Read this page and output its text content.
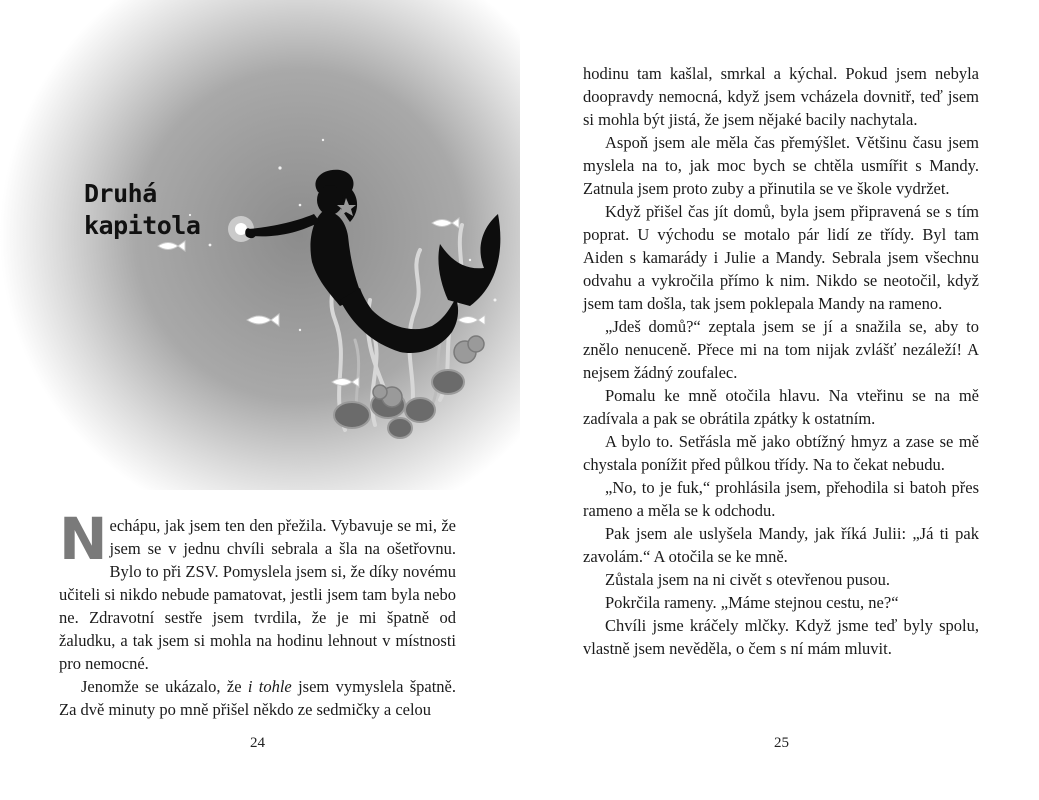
Druhá
kapitola

Nechápu, jak jsem ten den přežila. Vybavuje se mi, že jsem se v jednu chvíli sebrala a šla na ošetřovnu. Bylo to při ZSV. Pomyslela jsem si, že díky novému učiteli si nikdo nebude pamatovat, jestli jsem tam byla nebo ne. Zdravotní sestře jsem tvrdila, že je mi špatně od žaludku, a tak jsem si mohla na hodinu lehnout v místnosti pro nemocné.

Jenomže se ukázalo, že i tohle jsem vymyslela špatně. Za dvě minuty po mně přišel někdo ze sedmičky a celou

24

hodinu tam kašlal, smrkal a kýchal. Pokud jsem nebyla doopravdy nemocná, když jsem vcházela dovnitř, teď jsem si mohla být jistá, že jsem nějaké bacily nachytala.

Aspoň jsem ale měla čas přemýšlet. Většinu času jsem myslela na to, jak moc bych se chtěla usmířit s Mandy. Zatnula jsem proto zuby a přinutila se ve škole vydržet.

Když přišel čas jít domů, byla jsem připravená se s tím poprat. U východu se motalo pár lidí ze třídy. Byl tam Aiden s kamarády i Julie a Mandy. Sebrala jsem všechnu odvahu a vykročila přímo k nim. Nikdo se neotočil, když jsem tam došla, tak jsem poklepala Mandy na rameno.

„Jdeš domů?“ zeptala jsem se jí a snažila se, aby to znělo nenuceně. Přece mi na tom nijak zvlášť nezáleží! A nejsem žádný zoufalec.

Pomalu ke mně otočila hlavu. Na vteřinu se na mě zadívala a pak se obrátila zpátky k ostatním.

A bylo to. Setřásla mě jako obtížný hmyz a zase se mě chystala ponížit před půlkou třídy. Na to čekat nebudu.

„No, to je fuk,“ prohlásila jsem, přehodila si batoh přes rameno a měla se k odchodu.

Pak jsem ale uslyšela Mandy, jak říká Julii: „Já ti pak zavolám.“ A otočila se ke mně.

Zůstala jsem na ni civět s otevřenou pusou.

Pokrčila rameny. „Máme stejnou cestu, ne?“

Chvíli jsme kráčely mlčky. Když jsme teď byly spolu, vlastně jsem nevěděla, o čem s ní mám mluvit.

25
